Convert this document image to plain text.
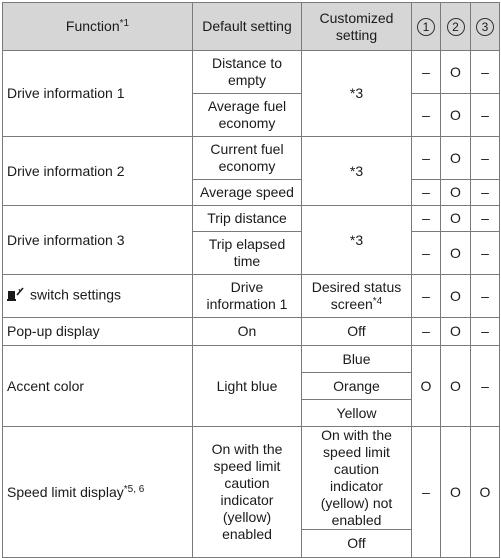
Function$^{*1}$	Default setting	Customized setting	1	2	3
Drive information 1	Distance to empty	*3	–	O	–
	Average fuel economy		–	O	–
Drive information 2	Current fuel economy	*3	–	O	–
	Average speed		–	O	–
Drive information 3	Trip distance	*3	–	O	–
	Trip elapsed time		–	O	–
switch settings	Drive information 1	Desired status screen$^{*4}$	–	O	–
Pop-up display	On	Off	–	O	–
Accent color	Light blue	Blue	O	O	–
		Orange			
		Yellow			
Speed limit display$^{*5, 6}$	On with the speed limit caution indicator (yellow) enabled	On with the speed limit caution indicator (yellow) not enabled	–	O	O
		Off			
